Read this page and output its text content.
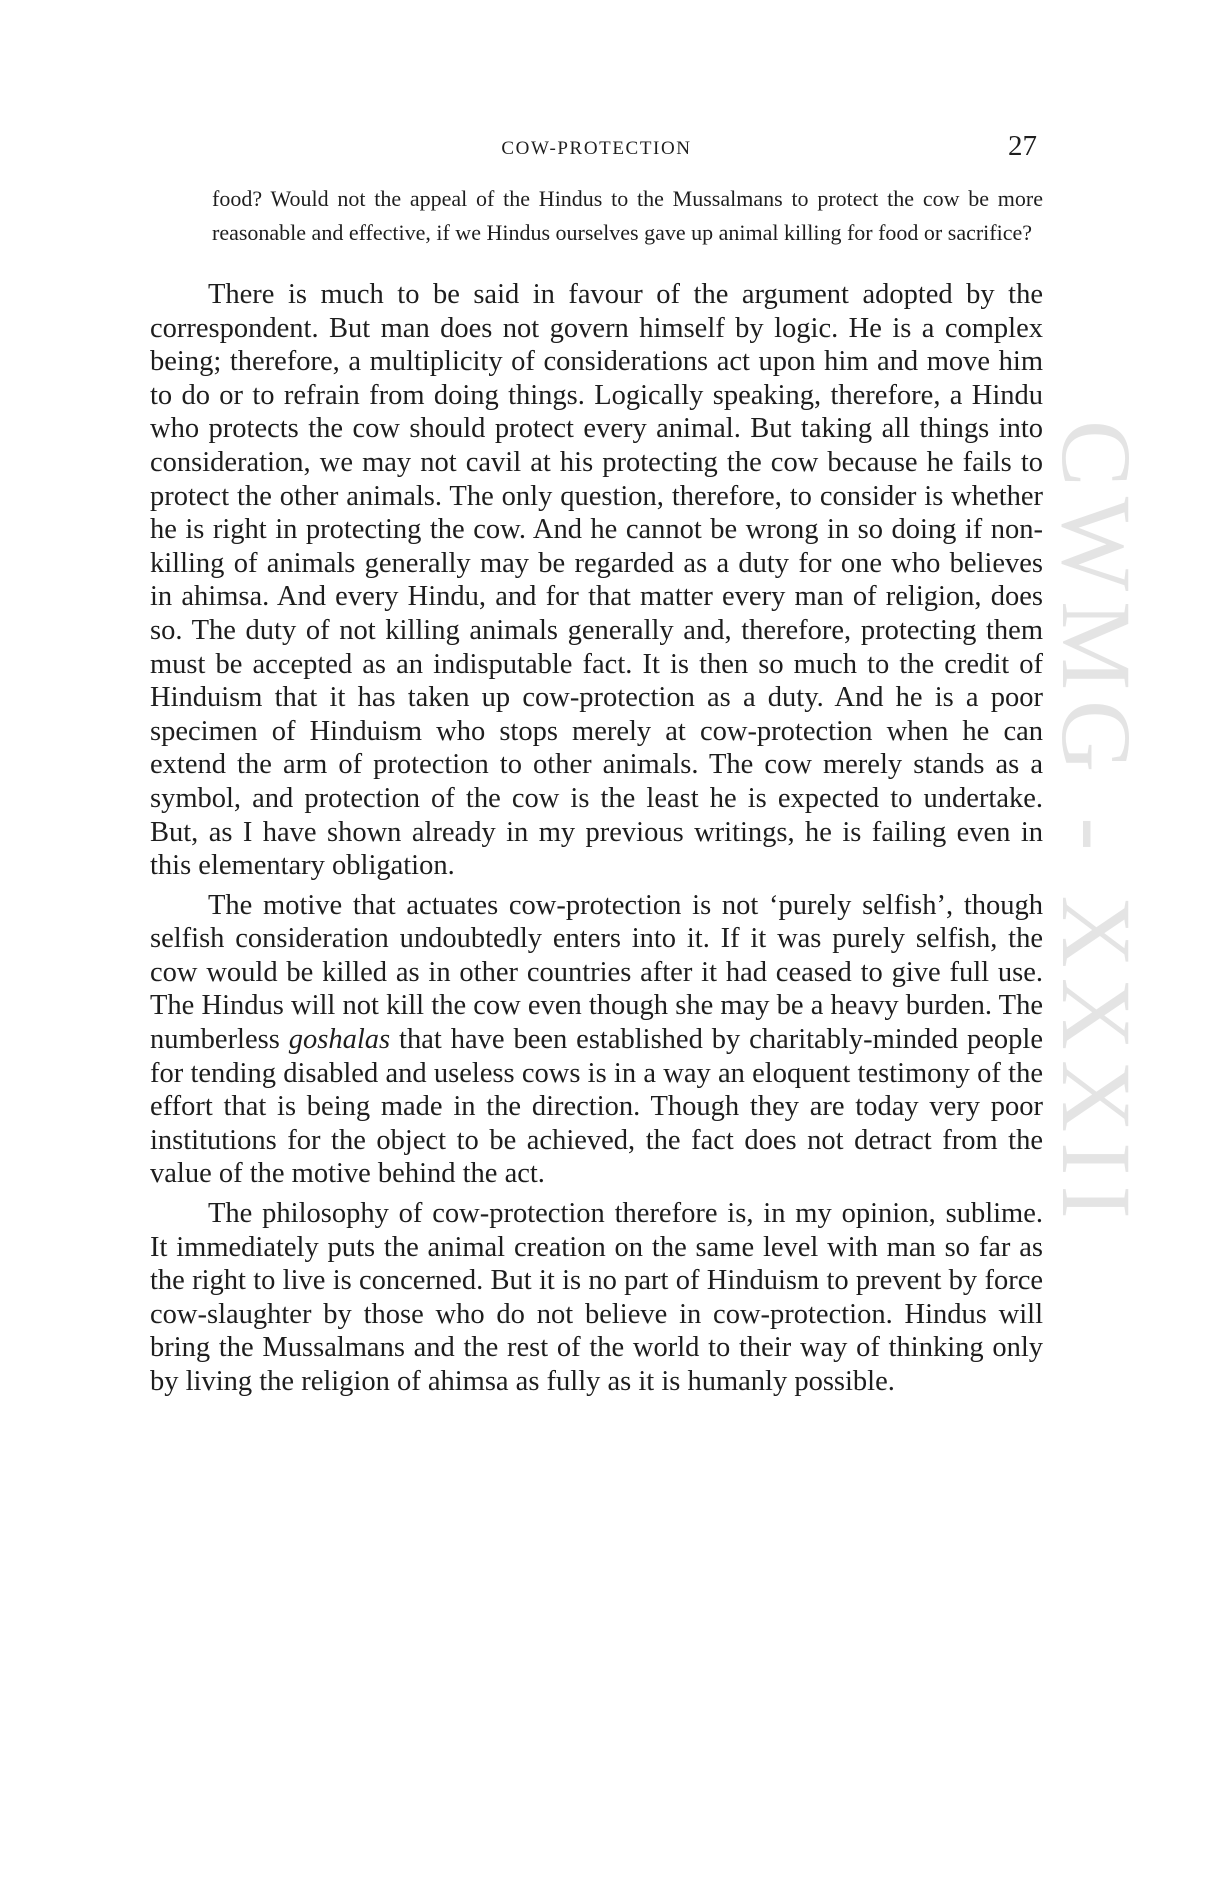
CWMG - XXXII
COW-PROTECTION	27

food? Would not the appeal of the Hindus to the Mussalmans to protect the cow be more reasonable and effective, if we Hindus ourselves gave up animal killing for food or sacrifice?

There is much to be said in favour of the argument adopted by the correspondent. But man does not govern himself by logic. He is a complex being; therefore, a multiplicity of considerations act upon him and move him to do or to refrain from doing things. Logically speaking, therefore, a Hindu who protects the cow should protect every animal. But taking all things into consideration, we may not cavil at his protecting the cow because he fails to protect the other animals. The only question, therefore, to consider is whether he is right in protecting the cow. And he cannot be wrong in so doing if non-killing of animals generally may be regarded as a duty for one who believes in ahimsa. And every Hindu, and for that matter every man of religion, does so. The duty of not killing animals generally and, therefore, protecting them must be accepted as an indisputable fact. It is then so much to the credit of Hinduism that it has taken up cow-protection as a duty. And he is a poor specimen of Hinduism who stops merely at cow-protection when he can extend the arm of protection to other animals. The cow merely stands as a symbol, and protection of the cow is the least he is expected to undertake. But, as I have shown already in my previous writings, he is failing even in this elementary obligation.

The motive that actuates cow-protection is not ‘purely selfish’, though selfish consideration undoubtedly enters into it. If it was purely selfish, the cow would be killed as in other countries after it had ceased to give full use. The Hindus will not kill the cow even though she may be a heavy burden. The numberless goshalas that have been established by charitably-minded people for tending disabled and useless cows is in a way an eloquent testimony of the effort that is being made in the direction. Though they are today very poor institutions for the object to be achieved, the fact does not detract from the value of the motive behind the act.

The philosophy of cow-protection therefore is, in my opinion, sublime. It immediately puts the animal creation on the same level with man so far as the right to live is concerned. But it is no part of Hinduism to prevent by force cow-slaughter by those who do not believe in cow-protection. Hindus will bring the Mussalmans and the rest of the world to their way of thinking only by living the religion of ahimsa as fully as it is humanly possible.
